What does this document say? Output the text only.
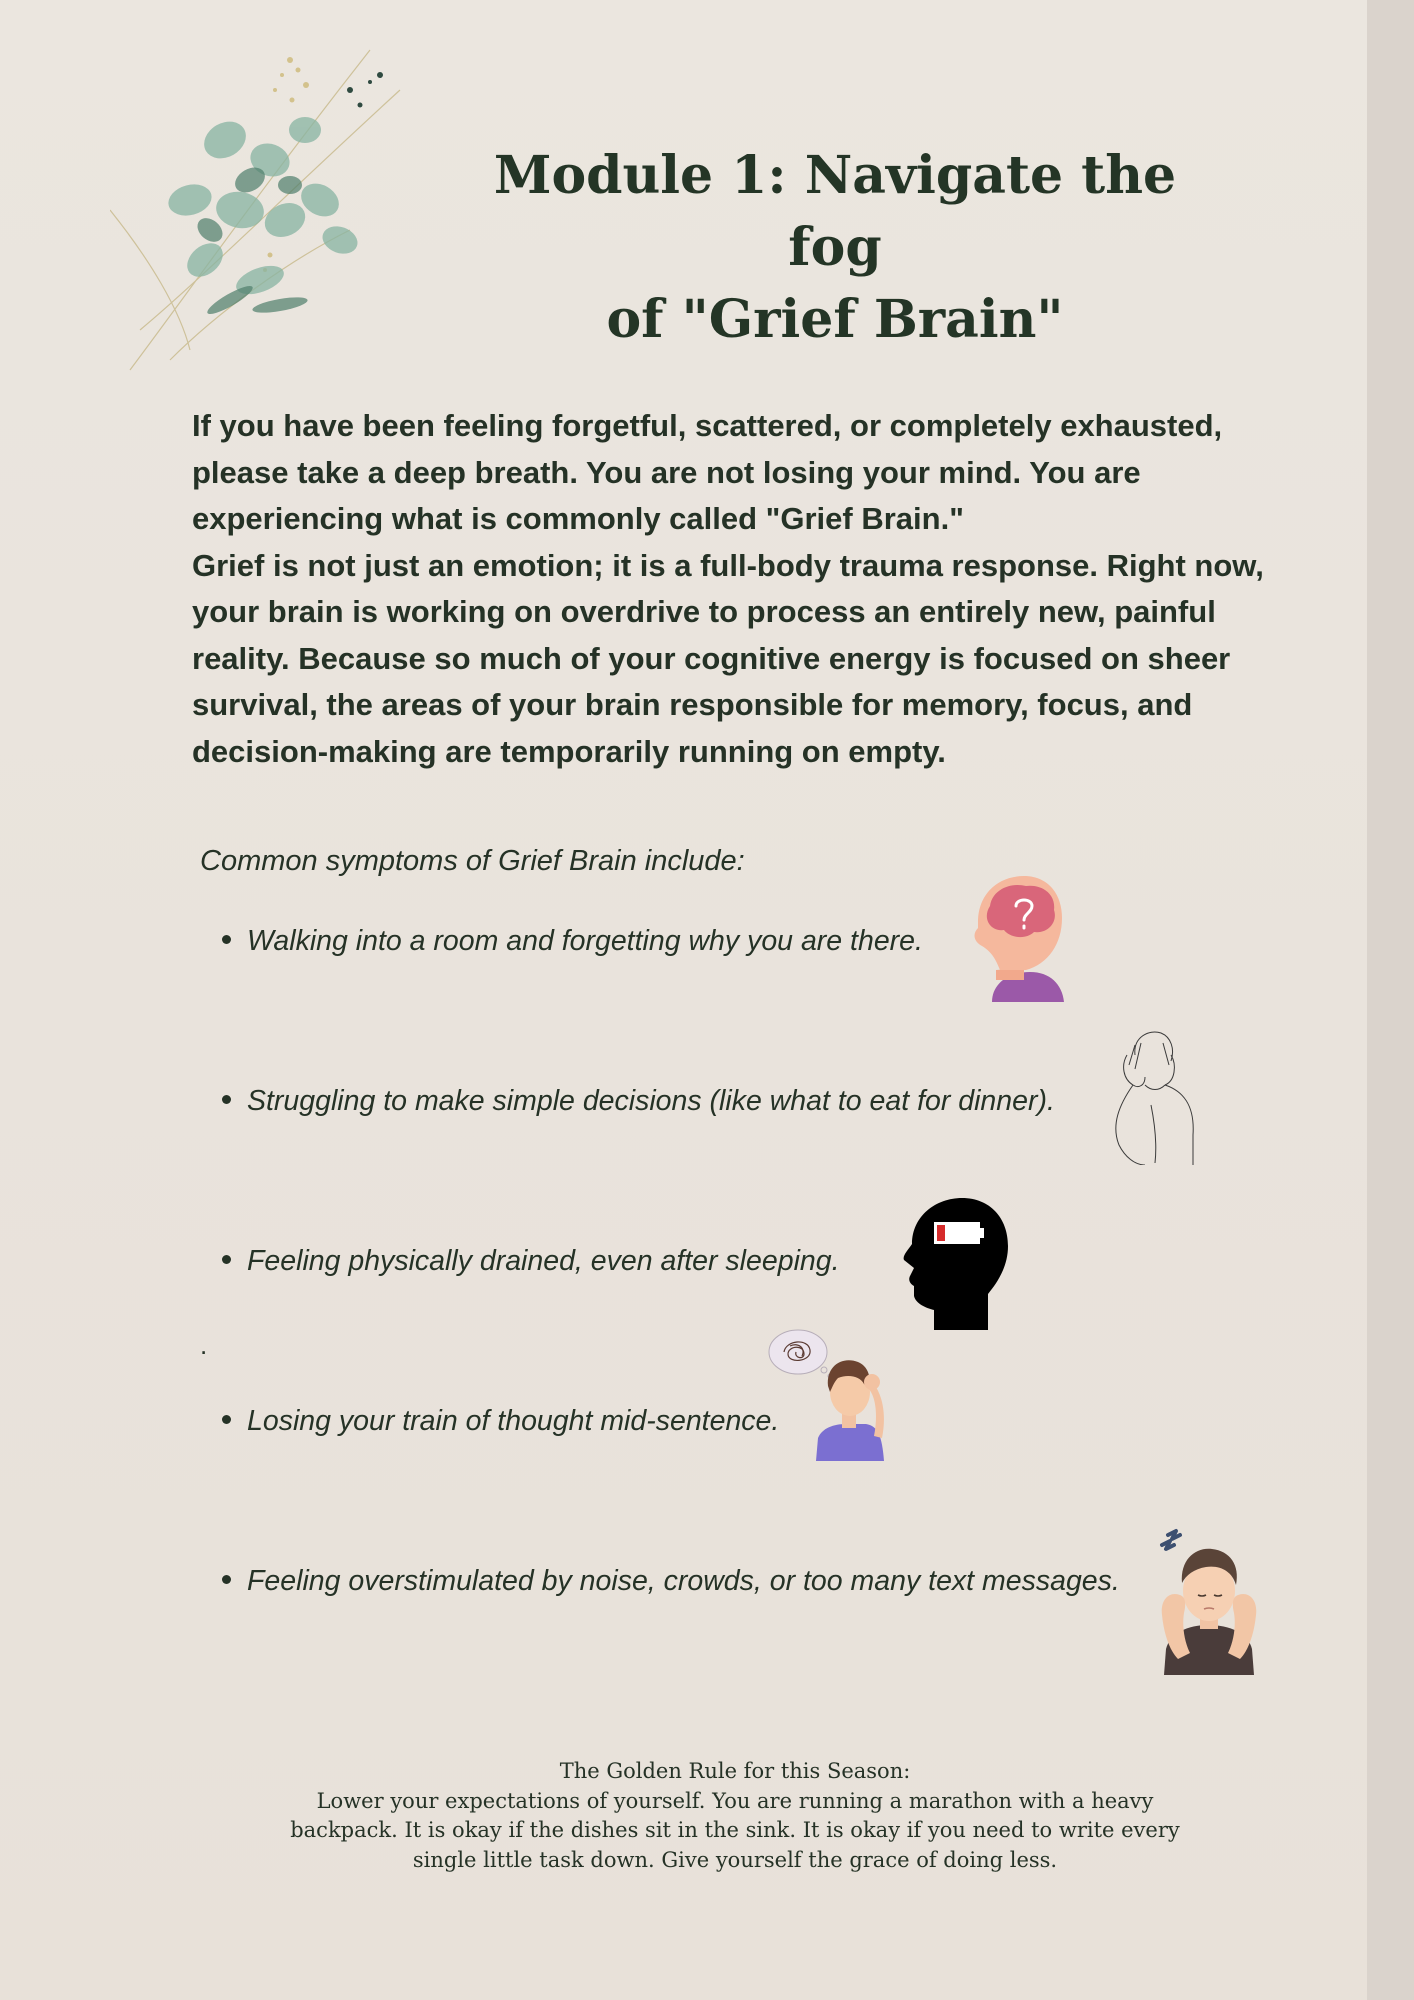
Module 1: Navigate the fog
of "Grief Brain"

If you have been feeling forgetful, scattered, or completely exhausted, please take a deep breath. You are not losing your mind. You are experiencing what is commonly called "Grief Brain."

Grief is not just an emotion; it is a full-body trauma response. Right now, your brain is working on overdrive to process an entirely new, painful reality. Because so much of your cognitive energy is focused on sheer survival, the areas of your brain responsible for memory, focus, and decision-making are temporarily running on empty.

Common symptoms of Grief Brain include:
Walking into a room and forgetting why you are there.
Struggling to make simple decisions (like what to eat for dinner).
Feeling physically drained, even after sleeping.
.
Losing your train of thought mid-sentence.
Feeling overstimulated by noise, crowds, or too many text messages.
The Golden Rule for this Season:
Lower your expectations of yourself. You are running a marathon with a heavy backpack. It is okay if the dishes sit in the sink. It is okay if you need to write every single little task down. Give yourself the grace of doing less.
